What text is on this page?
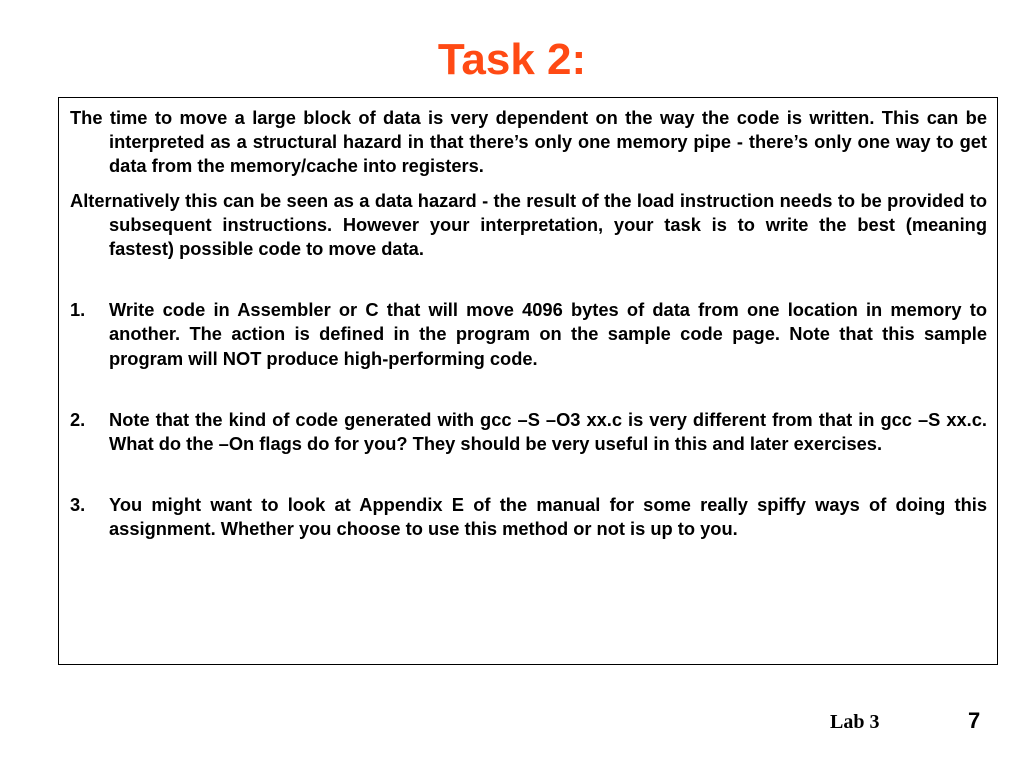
Task 2:

The time to move a large block of data is very dependent on the way the code is written. This can be interpreted as a structural hazard in that there’s only one memory pipe - there’s only one way to get data from the memory/cache into registers.

Alternatively this can be seen as a data hazard - the result of the load instruction needs to be provided to subsequent instructions. However your interpretation, your task is to write the best (meaning fastest) possible code to move data.

1.	Write code in Assembler or C that will move 4096 bytes of data from one location in memory to another. The action is defined in the program on the sample code page. Note that this sample program will NOT produce high-performing code.
2.	Note that the kind of code generated with gcc –S –O3 xx.c is very different from that in gcc –S xx.c. What do the –On flags do for you? They should be very useful in this and later exercises.
3.	You might want to look at Appendix E of the manual for some really spiffy ways of doing this assignment. Whether you choose to use this method or not is up to you.

Lab 3	7
